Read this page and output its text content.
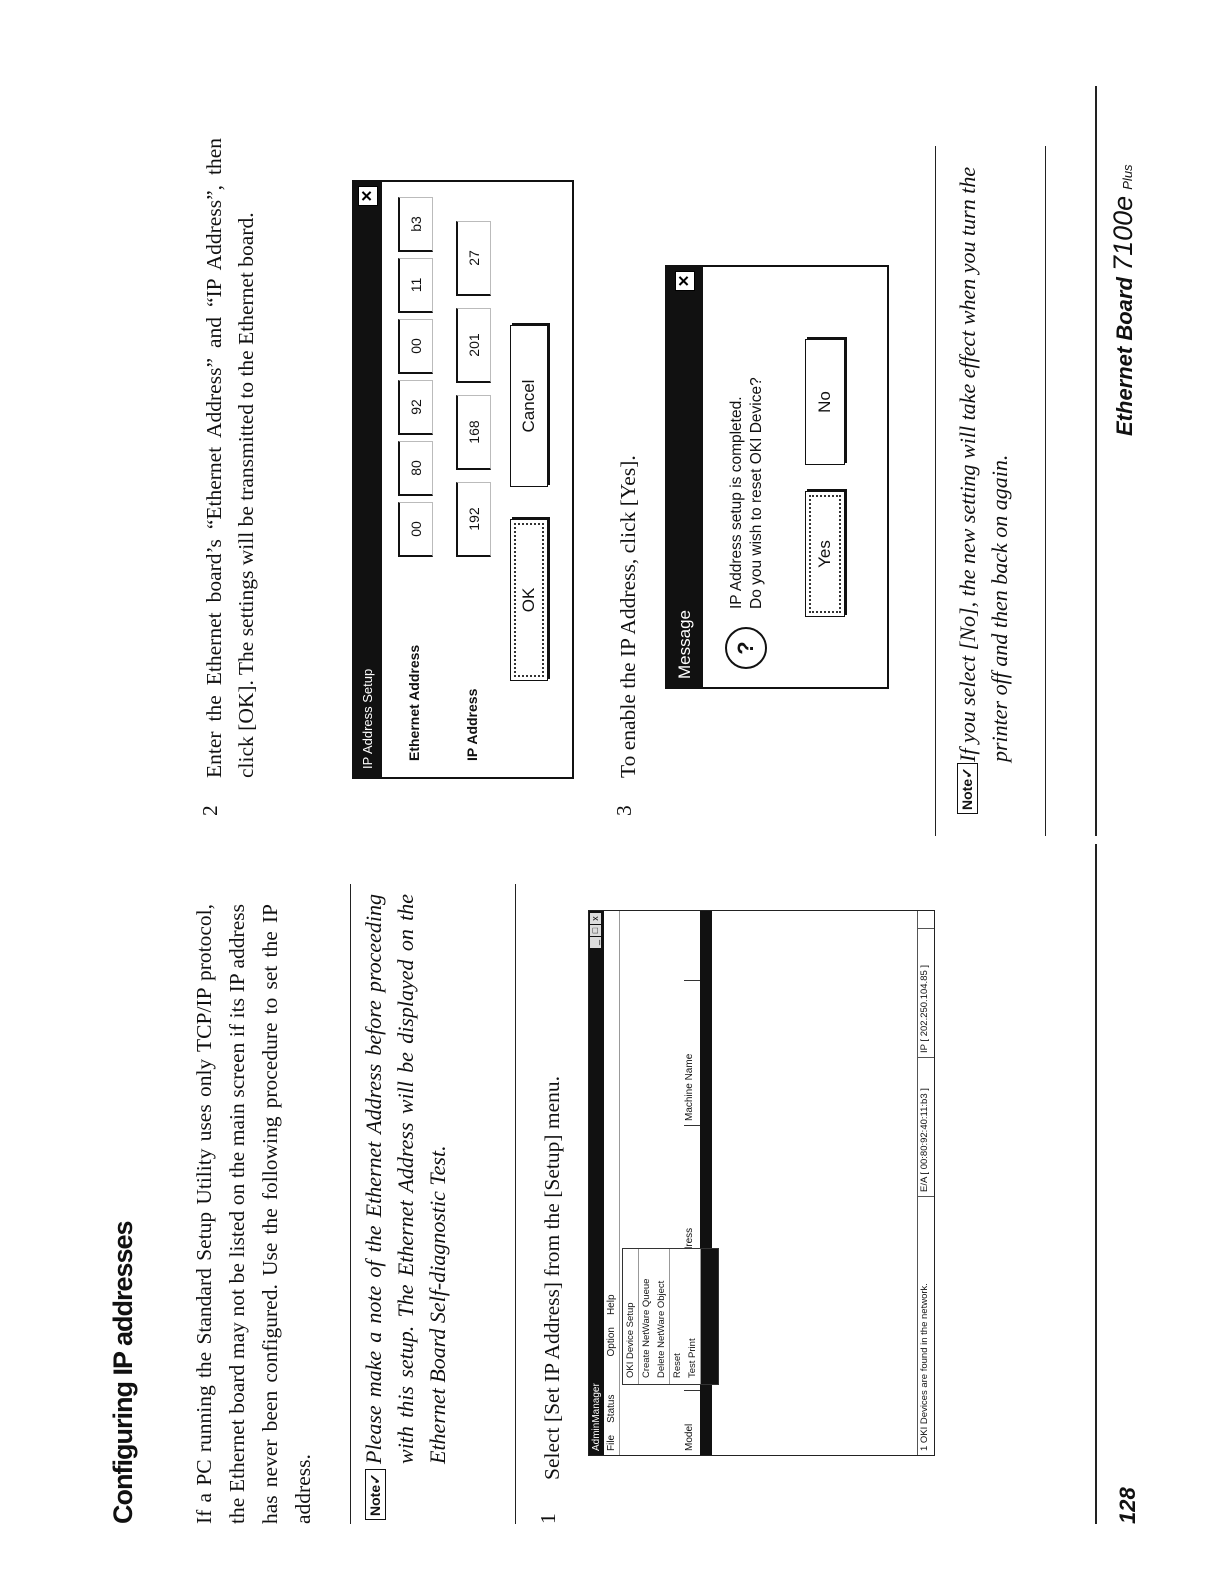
Configuring IP addresses	If a PC running the Standard Setup Utility uses only TCP/IP protocol, the Ethernet board may not be listed on the main screen if its IP address has never been configured. Use the following procedure to set the IP address.	Note✓
Please make a note of the Ethernet Address before proceeding with this setup. The Ethernet Address will be displayed on the Ethernet Board Self-diagnostic Test.
1
Select [Set IP Address] from the [Setup] menu.	AdminManager
_
□
x
File
Status
Option
Help
Model
Machine Name
OKI Device Setup Create NetWare Queue Delete NetWare Object Reset Test Print	1 OKI Devices are found in the network.
E/A [ 00:80:92:40:11:b3 ]
IP [ 202.250.104.85 ]
128
2
Enter the Ethernet board’s “Ethernet Address” and “IP Address”, then click [OK]. The settings will be transmitted to the Ethernet board.	IP Address Setup
✕
Ethernet Address
00
80
92
00
11
b3
IP Address
192
168
201
27
OK
Cancel
3
To enable the IP Address, click [Yes].	Message
✕
?
IP Address setup is completed. Do you wish to reset OKI Device?	Yes
No
Note✓
If you select [No], the new setting will take effect when you turn the printer off and then back on again.
Ethernet Board 7100e Plus
